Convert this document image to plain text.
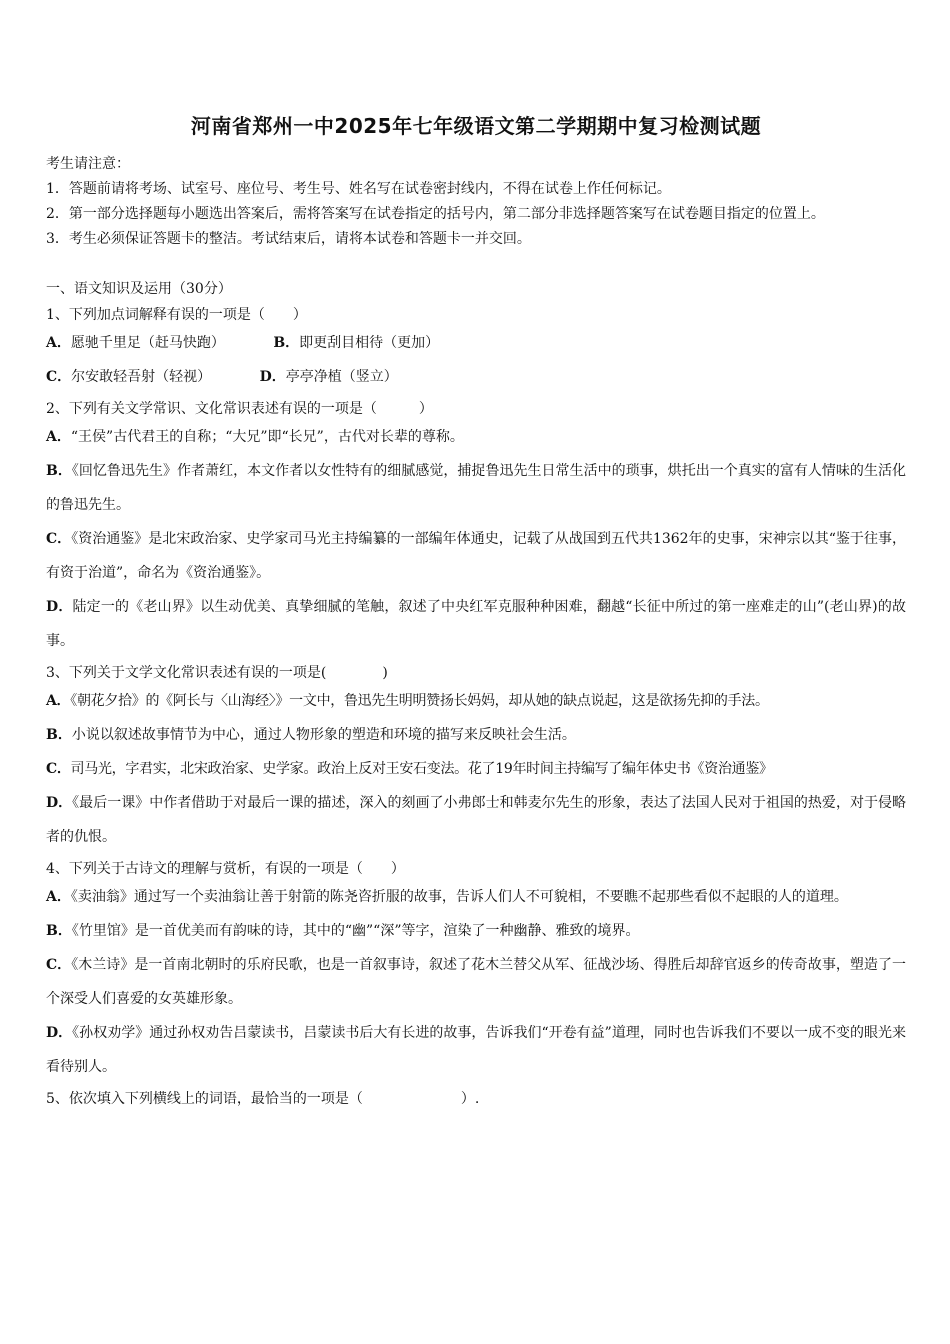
河南省郑州一中2025年七年级语文第二学期期中复习检测试题
考生请注意：
1．答题前请将考场、试室号、座位号、考生号、姓名写在试卷密封线内，不得在试卷上作任何标记。
2．第一部分选择题每小题选出答案后，需将答案写在试卷指定的括号内，第二部分非选择题答案写在试卷题目指定的位置上。
3．考生必须保证答题卡的整洁。考试结束后，请将本试卷和答题卡一并交回。
一、语文知识及运用（30分）
1、下列加点词解释有误的一项是（　　）
A．愿驰千里足（赶马快跑）	B．即更刮目相待（更加）
C．尔安敢轻吾射（轻视）	D．亭亭净植（竖立）
2、下列有关文学常识、文化常识表述有误的一项是（　　　）
A．“王侯”古代君王的自称；“大兄”即“长兄”，古代对长辈的尊称。
B．《回忆鲁迅先生》作者萧红，本文作者以女性特有的细腻感觉，捕捉鲁迅先生日常生活中的琐事，烘托出一个真实的富有人情味的生活化的鲁迅先生。
C．《资治通鉴》是北宋政治家、史学家司马光主持编纂的一部编年体通史，记载了从战国到五代共1362年的史事，宋神宗以其“鉴于往事，有资于治道”，命名为《资治通鉴》。
D．陆定一的《老山界》以生动优美、真挚细腻的笔触，叙述了中央红军克服种种困难，翻越“长征中所过的第一座难走的山”(老山界)的故事。
3、下列关于文学文化常识表述有误的一项是(　　　　)
A．《朝花夕拾》的《阿长与〈山海经〉》一文中，鲁迅先生明明赞扬长妈妈，却从她的缺点说起，这是欲扬先抑的手法。
B．小说以叙述故事情节为中心，通过人物形象的塑造和环境的描写来反映社会生活。
C．司马光，字君实，北宋政治家、史学家。政治上反对王安石变法。花了19年时间主持编写了编年体史书《资治通鉴》
D．《最后一课》中作者借助于对最后一课的描述，深入的刻画了小弗郎士和韩麦尔先生的形象，表达了法国人民对于祖国的热爱，对于侵略者的仇恨。
4、下列关于古诗文的理解与赏析，有误的一项是（　　）
A．《卖油翁》通过写一个卖油翁让善于射箭的陈尧咨折服的故事，告诉人们人不可貌相，不要瞧不起那些看似不起眼的人的道理。
B．《竹里馆》是一首优美而有韵味的诗，其中的“幽”“深”等字，渲染了一种幽静、雅致的境界。
C．《木兰诗》是一首南北朝时的乐府民歌，也是一首叙事诗，叙述了花木兰替父从军、征战沙场、得胜后却辞官返乡的传奇故事，塑造了一个深受人们喜爱的女英雄形象。
D．《孙权劝学》通过孙权劝告吕蒙读书，吕蒙读书后大有长进的故事，告诉我们“开卷有益”道理，同时也告诉我们不要以一成不变的眼光来看待别人。
5、依次填入下列横线上的词语，最恰当的一项是（　　　　　　　）.
